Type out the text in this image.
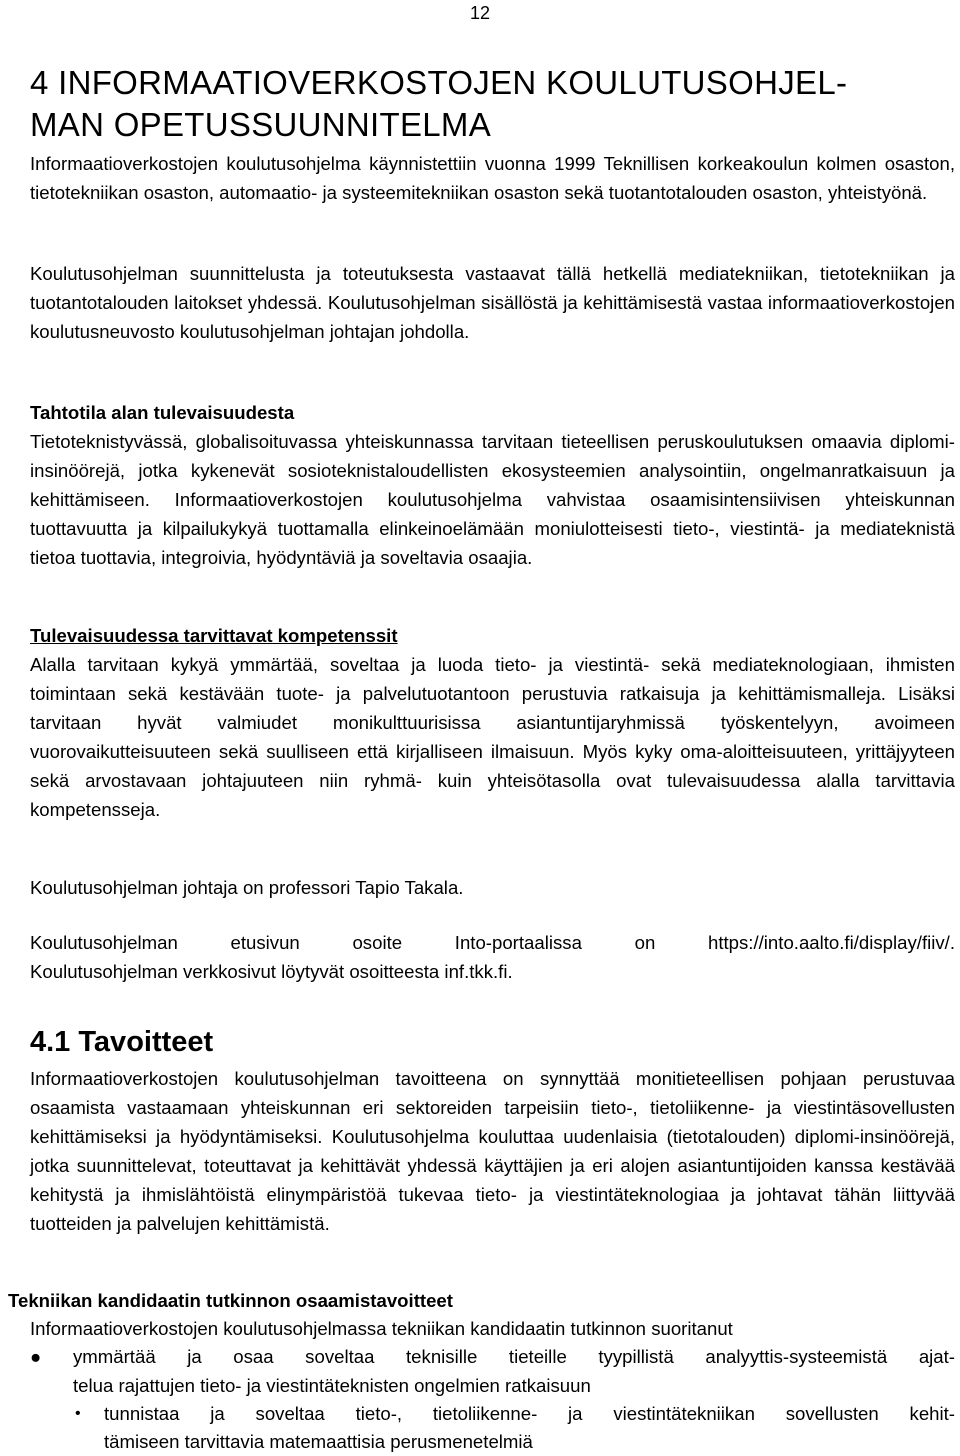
12
4 INFORMAATIOVERKOSTOJEN KOULUTUSOHJEL-
MAN OPETUSSUUNNITELMA

Informaatioverkostojen koulutusohjelma käynnistettiin vuonna 1999 Teknillisen korkeakoulun kolmen osaston, tietotekniikan osaston, automaatio- ja systeemitekniikan osaston sekä tuotantotalouden osaston, yhteistyönä.

Koulutusohjelman suunnittelusta ja toteutuksesta vastaavat tällä hetkellä mediatekniikan, tietotekniikan ja tuotantotalouden laitokset yhdessä. Koulutusohjelman sisällöstä ja kehittämisestä vastaa informaatioverkostojen koulutusneuvosto koulutusohjelman johtajan johdolla.

Tahtotila alan tulevaisuudesta

Tietoteknistyvässä, globalisoituvassa yhteiskunnassa tarvitaan tieteellisen peruskoulutuksen omaavia diplomi-insinöörejä, jotka kykenevät sosioteknistaloudellisten ekosysteemien analysointiin, ongelmanratkaisuun ja kehittämiseen. Informaatioverkostojen koulutusohjelma vahvistaa osaamisintensiivisen yhteiskunnan tuottavuutta ja kilpailukykyä tuottamalla elinkeinoelämään moniulotteisesti tieto-, viestintä- ja mediateknistä tietoa tuottavia, integroivia, hyödyntäviä ja soveltavia osaajia.

Tulevaisuudessa tarvittavat kompetenssit

Alalla tarvitaan kykyä ymmärtää, soveltaa ja luoda tieto- ja viestintä- sekä mediateknologiaan, ihmisten toimintaan sekä kestävään tuote- ja palvelutuotantoon perustuvia ratkaisuja ja kehittämismalleja. Lisäksi tarvitaan hyvät valmiudet monikulttuurisissa asiantuntijaryhmissä työskentelyyn, avoimeen vuorovaikutteisuuteen sekä suulliseen että kirjalliseen ilmaisuun. Myös kyky oma-aloitteisuuteen, yrittäjyyteen sekä arvostavaan johtajuuteen niin ryhmä- kuin yhteisötasolla ovat tulevaisuudessa alalla tarvittavia kompetensseja.

Koulutusohjelman johtaja on professori Tapio Takala.

Koulutusohjelman etusivun osoite Into-portaalissa on https://into.aalto.fi/display/fiiv/.
Koulutusohjelman verkkosivut löytyvät osoitteesta inf.tkk.fi.
4.1 Tavoitteet

Informaatioverkostojen koulutusohjelman tavoitteena on synnyttää monitieteellisen pohjaan perustuvaa osaamista vastaamaan yhteiskunnan eri sektoreiden tarpeisiin tieto-, tietoliikenne- ja viestintäsovellusten kehittämiseksi ja hyödyntämiseksi. Koulutusohjelma kouluttaa uudenlaisia (tietotalouden) diplomi-insinöörejä, jotka suunnittelevat, toteuttavat ja kehittävät yhdessä käyttäjien ja eri alojen asiantuntijoiden kanssa kestävää kehitystä ja ihmislähtöistä elinympäristöä tukevaa tieto- ja viestintäteknologiaa ja johtavat tähän liittyvää tuotteiden ja palvelujen kehittämistä.

Tekniikan kandidaatin tutkinnon osaamistavoitteet
Informaatioverkostojen koulutusohjelmassa tekniikan kandidaatin tutkinnon suoritanut
● ymmärtää ja osaa soveltaa teknisille tieteille tyypillistä analyyttis-systeemistä ajat-
telua rajattujen tieto- ja viestintäteknisten ongelmien ratkaisuun
• tunnistaa ja soveltaa tieto-, tietoliikenne- ja viestintätekniikan sovellusten kehit-
tämiseen tarvittavia matemaattisia perusmenetelmiä
